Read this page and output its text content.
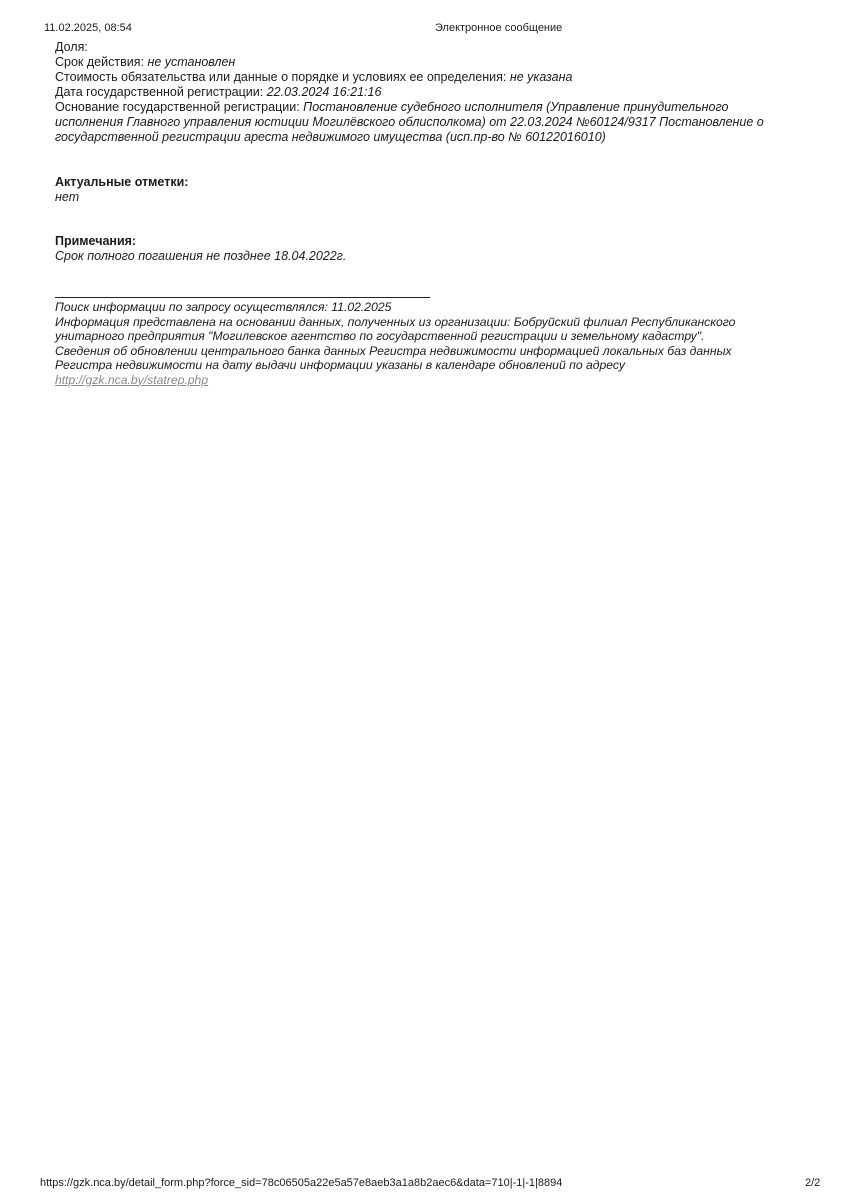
11.02.2025, 08:54	Электронное сообщение

Доля:

Срок действия: не установлен

Стоимость обязательства или данные о порядке и условиях ее определения: не указана

Дата государственной регистрации: 22.03.2024 16:21:16

Основание государственной регистрации: Постановление судебного исполнителя (Управление принудительного
исполнения Главного управления юстиции Могилёвского облисполкома) от 22.03.2024 №60124/9317 Постановление о
государственной регистрации ареста недвижимого имущества (исп.пр-во № 60122016010)

Актуальные отметки:

нет

Примечания:

Срок полного погашения не позднее 18.04.2022г.

Поиск информации по запросу осуществлялся: 11.02.2025

Информация представлена на основании данных, полученных из организации: Бобруйский филиал Республиканского

унитарного предприятия "Могилевское агентство по государственной регистрации и земельному кадастру".

Сведения об обновлении центрального банка данных Регистра недвижимости информацией локальных баз данных

Регистра недвижимости на дату выдачи информации указаны в календаре обновлений по адресу

http://gzk.nca.by/statrep.php
https://gzk.nca.by/detail_form.php?force_sid=78c06505a22e5a57e8aeb3a1a8b2aec6&data=710|-1|-1|8894	2/2
